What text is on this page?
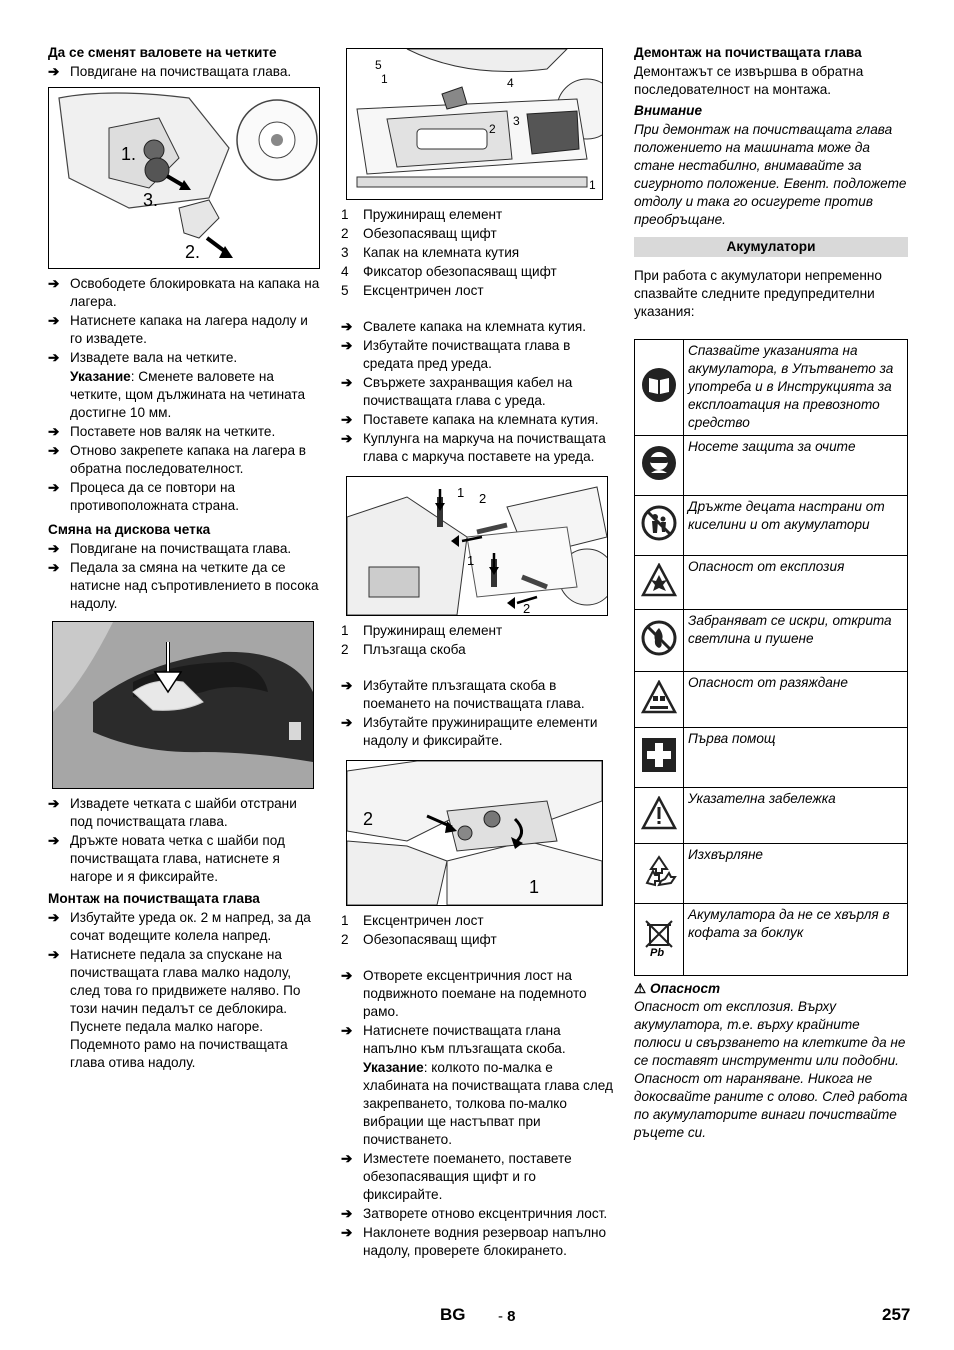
Да се сменят валовете на четките
➔ Повдигане на почистващата глава.
1.
3.
2.
➔ Освободете блокировката на капака на лагера.
➔ Натиснете капака на лагера надолу и го извадете.
➔ Извадете вала на четките.
Указание: Сменете валовете на четките, щом дължината на четината достигне 10 мм.
➔ Поставете нов валяк на четките.
➔ Отново закрепете капака на лагера в обратна последователност.
➔ Процеса да се повтори на противоположната страна.
Смяна на дискова четка
➔ Повдигане на почистващата глава.
➔ Педала за смяна на четките да се натисне над съпротивлението в посока надолу.
➔ Извадете четката с шайби отстрани под почистващата глава.
➔ Дръжте новата четка с шайби под почистващата глава, натиснете я нагоре и я фиксирайте.
Монтаж на почистващата глава
➔ Избутайте уреда ок. 2 м напред, за да сочат водещите колела напред.
➔ Натиснете педала за спускане на почистващата глава малко надолу, след това го придвижете наляво. По този начин педалът се деблокира. Пуснете педала малко нагоре. Подемното рамо на почистващата глава отива надолу.
5
1	4
2
3
1
1	Пружиниращ елемент
2	Обезопасяващ щифт
3	Капак на клемната кутия
4	Фиксатор обезопасяващ щифт
5	Ексцентричен лост
➔ Свалете капака на клемната кутия.
➔ Избутайте почистващата глава в средата пред уреда.
➔ Свържете захранващия кабел на почистващата глава с уреда.
➔ Поставете капака на клемната кутия.
➔ Куплунга на маркуча на почистващата глава с маркуча поставете на уреда.
1 2
1
2
1	Пружиниращ елемент
2	Плъзгаща скоба
➔ Избутайте плъзгащата скоба в поемането на почистващата глава.
➔ Избутайте пружиниращите елементи надолу и фиксирайте.
2
1
1	Ексцентричен лост
2	Обезопасяващ щифт
➔ Отворете ексцентричния лост на подвижното поемане на подемното рамо.
➔ Натиснете почистващата глана напълно към плъзгащата скоба.
Указание: колкото по-малка е хлабината на почистващата глава след закрепването, толкова по-малко вибрации ще настъпват при почистването.
➔ Изместете поемането, поставете обезопасяващия щифт и го фиксирайте.
➔ Затворете отново ексцентричния лост.
➔ Наклонете водния резервоар напълно надолу, проверете блокирането.
Демонтаж на почистващата глава

Демонтажът се извършва в обратна последователност на монтажа.

Внимание

При демонтаж на почистващата глава положението на машината може да стане нестабилно, внимавайте за сигурното положение. Евент. подложете отдолу и така го осигурете против преобръщане.

Акумулатори

При работа с акумулатори непременно спазвайте следните предупредителни указания:

	Спазвайте указанията на акумулатора, в Упътването за употреба и в Инструкцията за експлоатация на превозното средство
	Носете защита за очите
	Дръжте децата настрани от киселини и от акумулатори
	Опасност от експлозия
	Забраняват се искри, открита светлина и пушене
	Опасност от разяждане
	Първа помощ
	Указателна забележка
	Изхвърляне

Pb	Акумулатора да не се хвърля в кофата за боклук
⚠ Опасност

Опасност от експлозия. Върху акумулатора, т.е. върху крайните полюси и свързването на клетките да не се поставят инструменти или подобни. Опасност от нараняване. Никога не докосвайте раните с олово. След работа по акумулаторите винаги почиствайте ръцете си.

BG - 8	257
